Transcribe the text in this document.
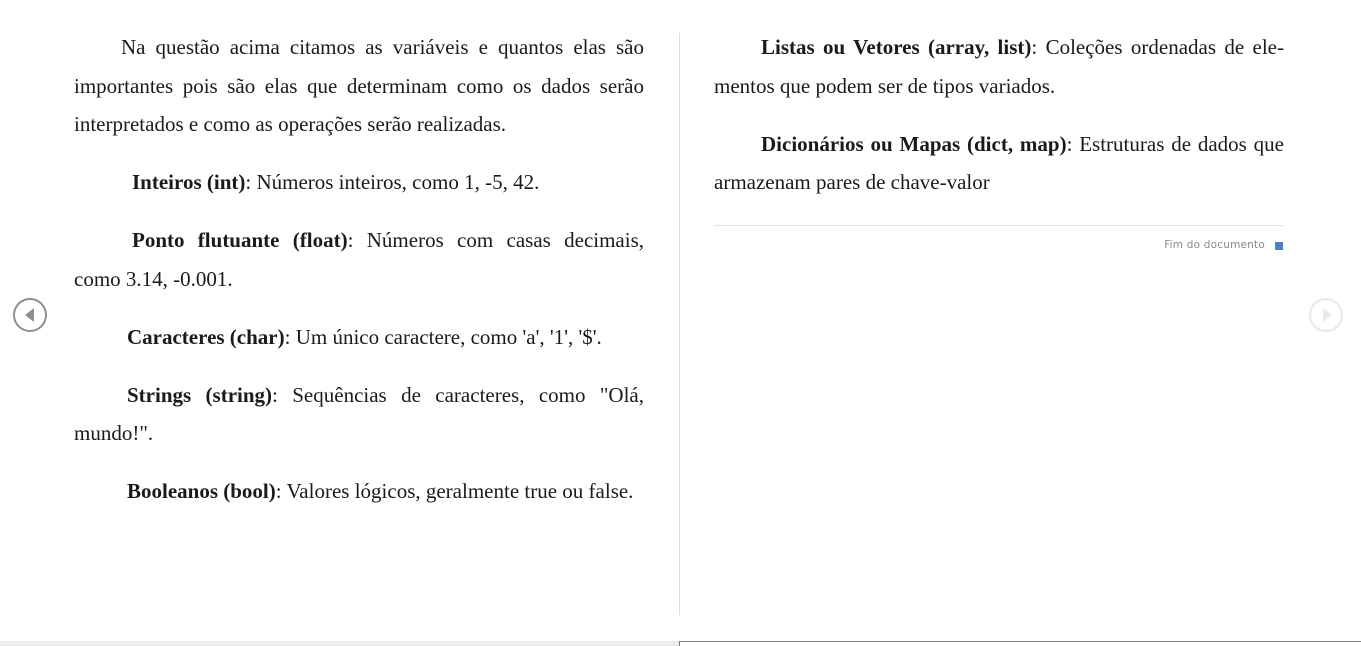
Na questão acima citamos as variáveis e quantos elas são importantes pois são elas que determinam como os dados serão interpretados e como as operações serão realizadas.

Inteiros (int): Números inteiros, como 1, -5, 42.

Ponto flutuante (float): Números com casas decimais, como 3.14, -0.001.

Caracteres (char): Um único caractere, como 'a', '1', '$'.

Strings (string): Sequências de caracteres, como "Olá, mundo!".

Booleanos (bool): Valores lógicos, geralmente true ou false.

Listas ou Vetores (array, list): Coleções ordenadas de elementos que podem ser de tipos variados.

Dicionários ou Mapas (dict, map): Estruturas de dados que armazenam pares de chave-valor

Fim do documento
